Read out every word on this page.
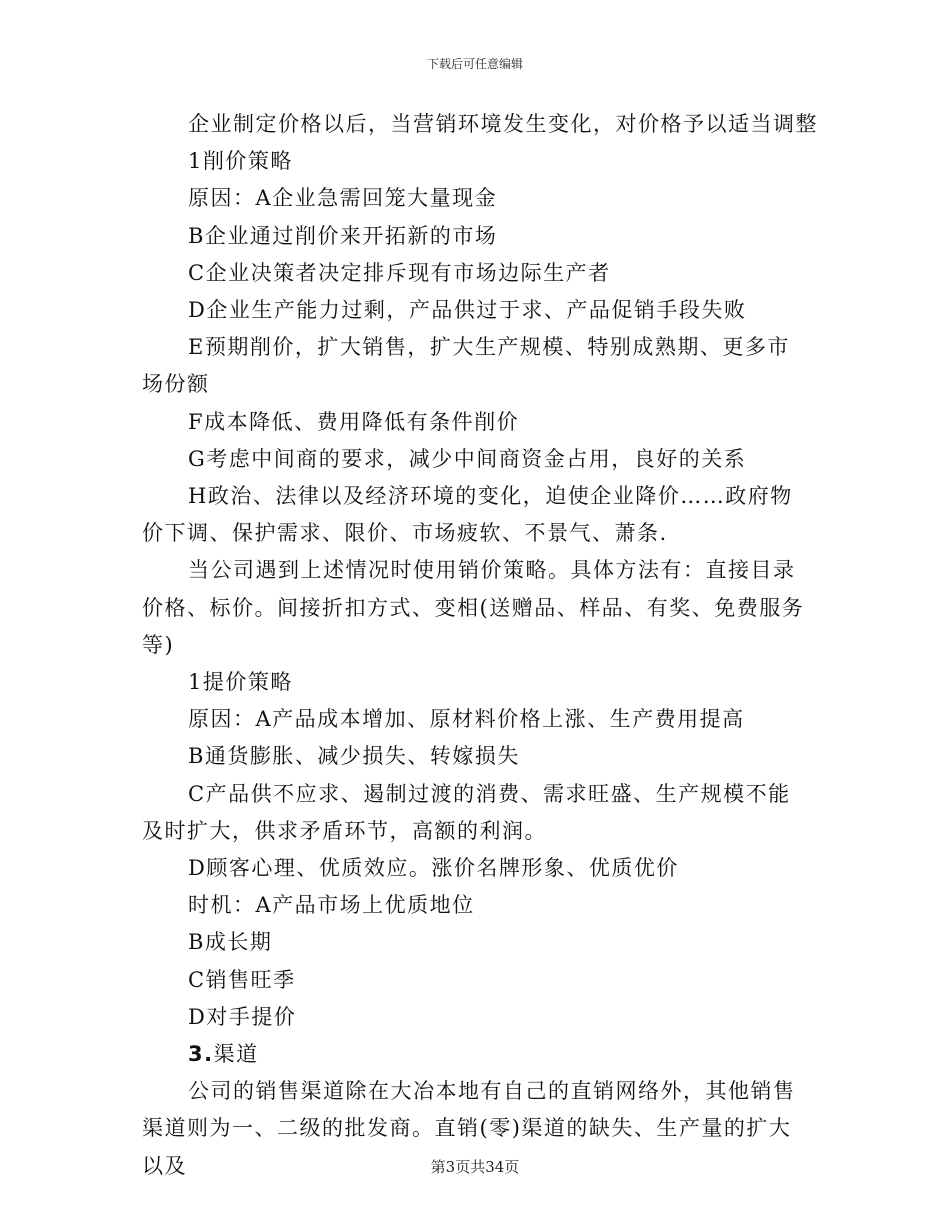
下载后可任意编辑

企业制定价格以后，当营销环境发生变化，对价格予以适当调整

1削价策略

原因：A企业急需回笼大量现金

B企业通过削价来开拓新的市场

C企业决策者决定排斥现有市场边际生产者

D企业生产能力过剩，产品供过于求、产品促销手段失败

E预期削价，扩大销售，扩大生产规模、特别成熟期、更多市场份额

F成本降低、费用降低有条件削价

G考虑中间商的要求，减少中间商资金占用，良好的关系

H政治、法律以及经济环境的变化，迫使企业降价……政府物价下调、保护需求、限价、市场疲软、不景气、萧条.

当公司遇到上述情况时使用销价策略。具体方法有：直接目录价格、标价。间接折扣方式、变相(送赠品、样品、有奖、免费服务等)

1提价策略

原因：A产品成本增加、原材料价格上涨、生产费用提高

B通货膨胀、减少损失、转嫁损失

C产品供不应求、遏制过渡的消费、需求旺盛、生产规模不能及时扩大，供求矛盾环节，高额的利润。

D顾客心理、优质效应。涨价名牌形象、优质优价

时机：A产品市场上优质地位

B成长期

C销售旺季

D对手提价

3.渠道

公司的销售渠道除在大冶本地有自己的直销网络外，其他销售渠道则为一、二级的批发商。直销(零)渠道的缺失、生产量的扩大以及	第3页共34页
